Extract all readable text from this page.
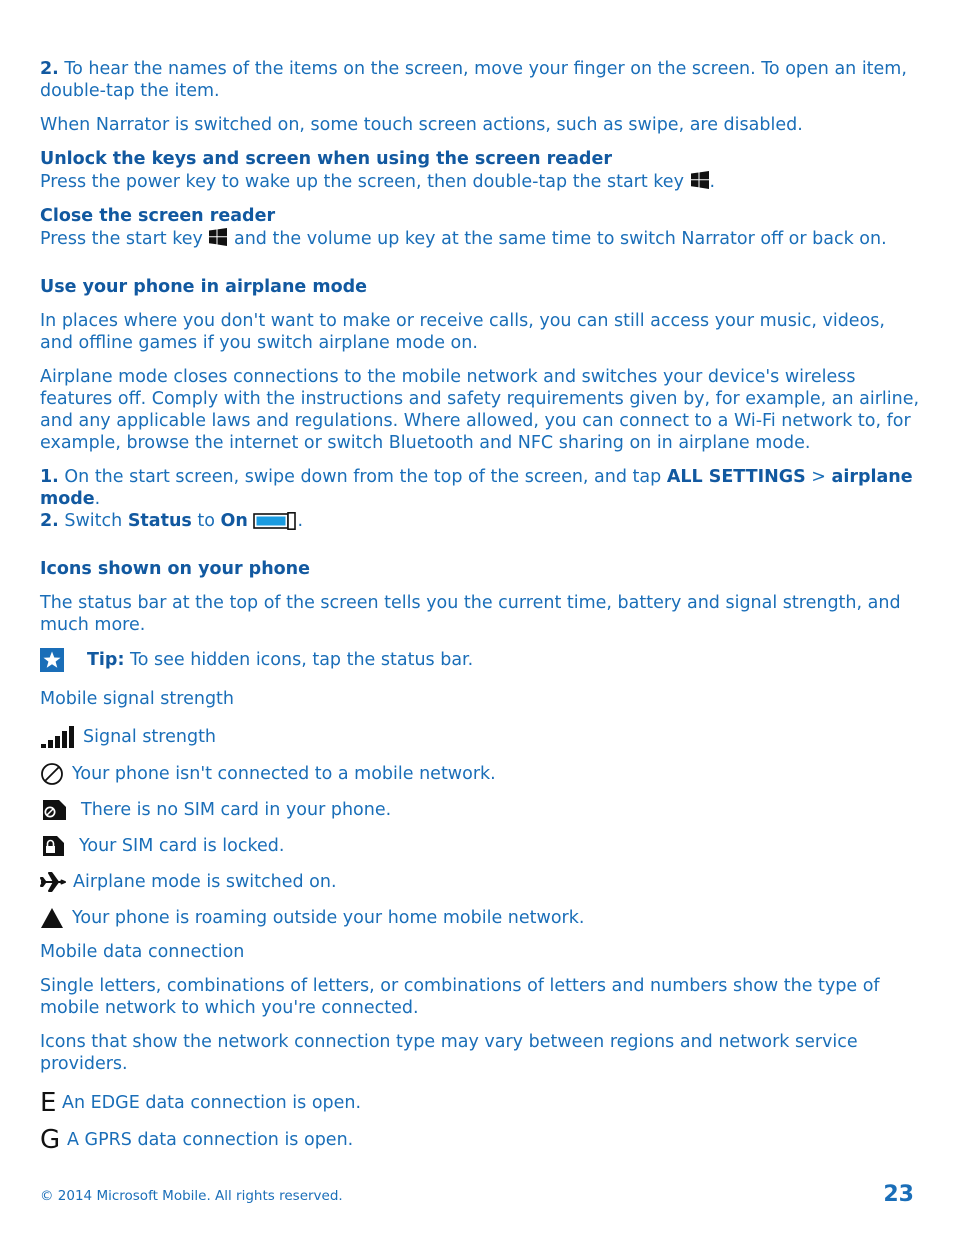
2. To hear the names of the items on the screen, move your finger on the screen. To open an item, double-tap the item.

When Narrator is switched on, some touch screen actions, such as swipe, are disabled.

Unlock the keys and screen when using the screen reader

Press the power key to wake up the screen, then double-tap the start key .

Close the screen reader

Press the start key  and the volume up key at the same time to switch Narrator off or back on.

Use your phone in airplane mode

In places where you don't want to make or receive calls, you can still access your music, videos, and offline games if you switch airplane mode on.

Airplane mode closes connections to the mobile network and switches your device's wireless features off. Comply with the instructions and safety requirements given by, for example, an airline, and any applicable laws and regulations. Where allowed, you can connect to a Wi-Fi network to, for example, browse the internet or switch Bluetooth and NFC sharing on in airplane mode.

1. On the start screen, swipe down from the top of the screen, and tap ALL SETTINGS > airplane mode.

2. Switch Status to On	.

Icons shown on your phone

The status bar at the top of the screen tells you the current time, battery and signal strength, and much more.

Tip: To see hidden icons, tap the status bar.

Mobile signal strength

Signal strength
Your phone isn't connected to a mobile network.
There is no SIM card in your phone.
Your SIM card is locked.
Airplane mode is switched on.
Your phone is roaming outside your home mobile network.

Mobile data connection

Single letters, combinations of letters, or combinations of letters and numbers show the type of mobile network to which you're connected.

Icons that show the network connection type may vary between regions and network service providers.

E An EDGE data connection is open.
G A GPRS data connection is open.
© 2014 Microsoft Mobile. All rights reserved.	23
